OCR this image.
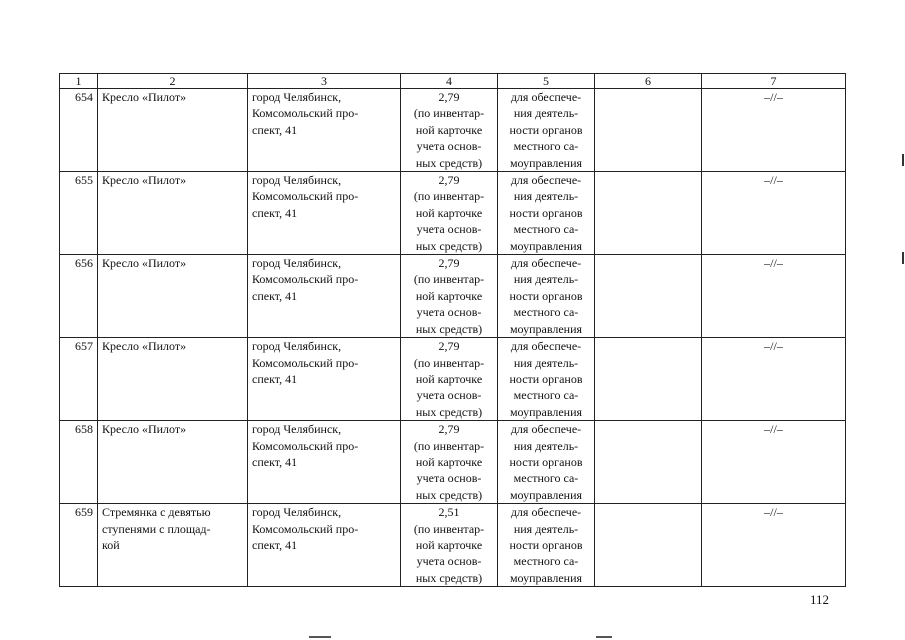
1	2	3	4	5	6	7
654	Кресло «Пилот»	город Челябинск,
Комсомольский про-
спект, 41	2,79
(по инвентар-
ной карточке
учета основ-
ных средств)	для обеспече-
ния деятель-
ности органов
местного са-
моуправления		–//–
655	Кресло «Пилот»	город Челябинск,
Комсомольский про-
спект, 41	2,79
(по инвентар-
ной карточке
учета основ-
ных средств)	для обеспече-
ния деятель-
ности органов
местного са-
моуправления		–//–
656	Кресло «Пилот»	город Челябинск,
Комсомольский про-
спект, 41	2,79
(по инвентар-
ной карточке
учета основ-
ных средств)	для обеспече-
ния деятель-
ности органов
местного са-
моуправления		–//–
657	Кресло «Пилот»	город Челябинск,
Комсомольский про-
спект, 41	2,79
(по инвентар-
ной карточке
учета основ-
ных средств)	для обеспече-
ния деятель-
ности органов
местного са-
моуправления		–//–
658	Кресло «Пилот»	город Челябинск,
Комсомольский про-
спект, 41	2,79
(по инвентар-
ной карточке
учета основ-
ных средств)	для обеспече-
ния деятель-
ности органов
местного са-
моуправления		–//–
659	Стремянка с девятью
ступенями с площад-
кой	город Челябинск,
Комсомольский про-
спект, 41	2,51
(по инвентар-
ной карточке
учета основ-
ных средств)	для обеспече-
ния деятель-
ности органов
местного са-
моуправления		–//–
112
